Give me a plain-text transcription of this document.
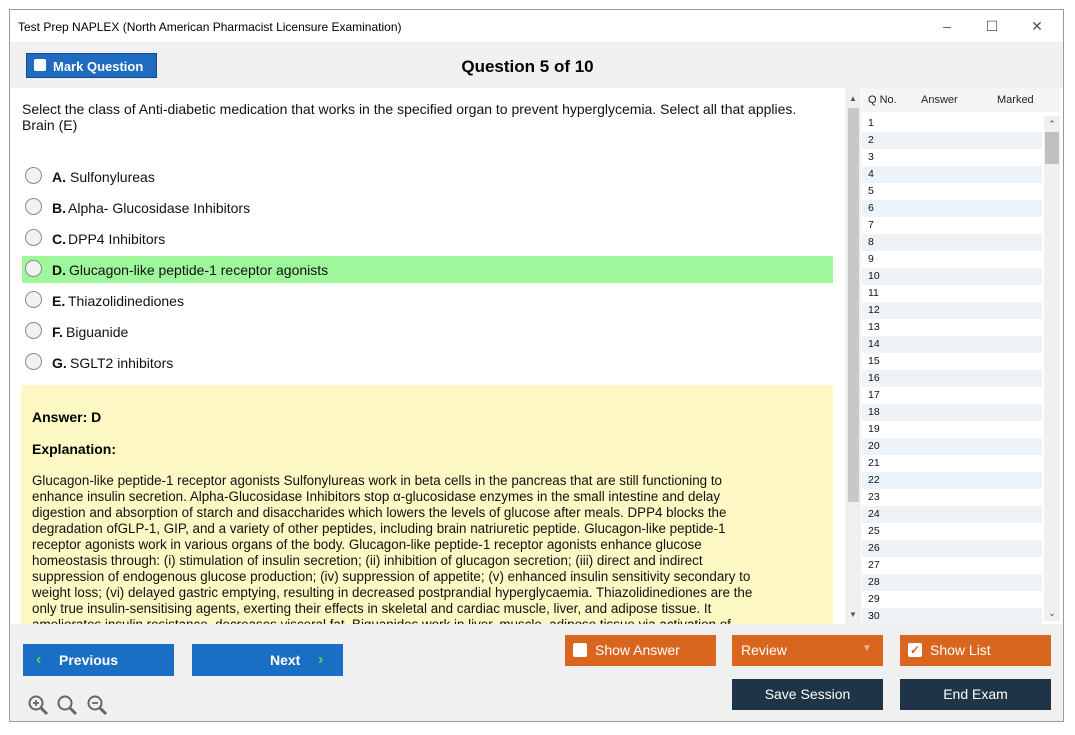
Test Prep NAPLEX (North American Pharmacist Licensure Examination)	–	☐	✕
Mark Question	Question 5 of 10
Select the class of Anti-diabetic medication that works in the specified organ to prevent hyperglycemia. Select all that applies.
Brain (E)
A. Sulfonylureas
B. Alpha- Glucosidase Inhibitors
C. DPP4 Inhibitors
D. Glucagon-like peptide-1 receptor agonists
E. Thiazolidinediones
F. Biguanide
G. SGLT2 inhibitors
Answer: D
Explanation:
Glucagon-like peptide-1 receptor agonists Sulfonylureas work in beta cells in the pancreas that are still functioning to
enhance insulin secretion. Alpha-Glucosidase Inhibitors stop α-glucosidase enzymes in the small intestine and delay
digestion and absorption of starch and disaccharides which lowers the levels of glucose after meals. DPP4 blocks the
degradation ofGLP-1, GIP, and a variety of other peptides, including brain natriuretic peptide. Glucagon-like peptide-1
receptor agonists work in various organs of the body. Glucagon-like peptide-1 receptor agonists enhance glucose
homeostasis through: (i) stimulation of insulin secretion; (ii) inhibition of glucagon secretion; (iii) direct and indirect
suppression of endogenous glucose production; (iv) suppression of appetite; (v) enhanced insulin sensitivity secondary to
weight loss; (vi) delayed gastric emptying, resulting in decreased postprandial hyperglycaemia. Thiazolidinediones are the
only true insulin-sensitising agents, exerting their effects in skeletal and cardiac muscle, liver, and adipose tissue. It
▲
▼
Q No. Answer	Marked
1
2
3
4
5
6
7
8
9
10
11
12
13
14
15
16
17
18
19
20
21
22
23
24
25
26
27
28
29
30
⌃
⌄
‹ Previous	Next ›
Show Answer	Review	▼	✓ Show List
Save Session	End Exam
